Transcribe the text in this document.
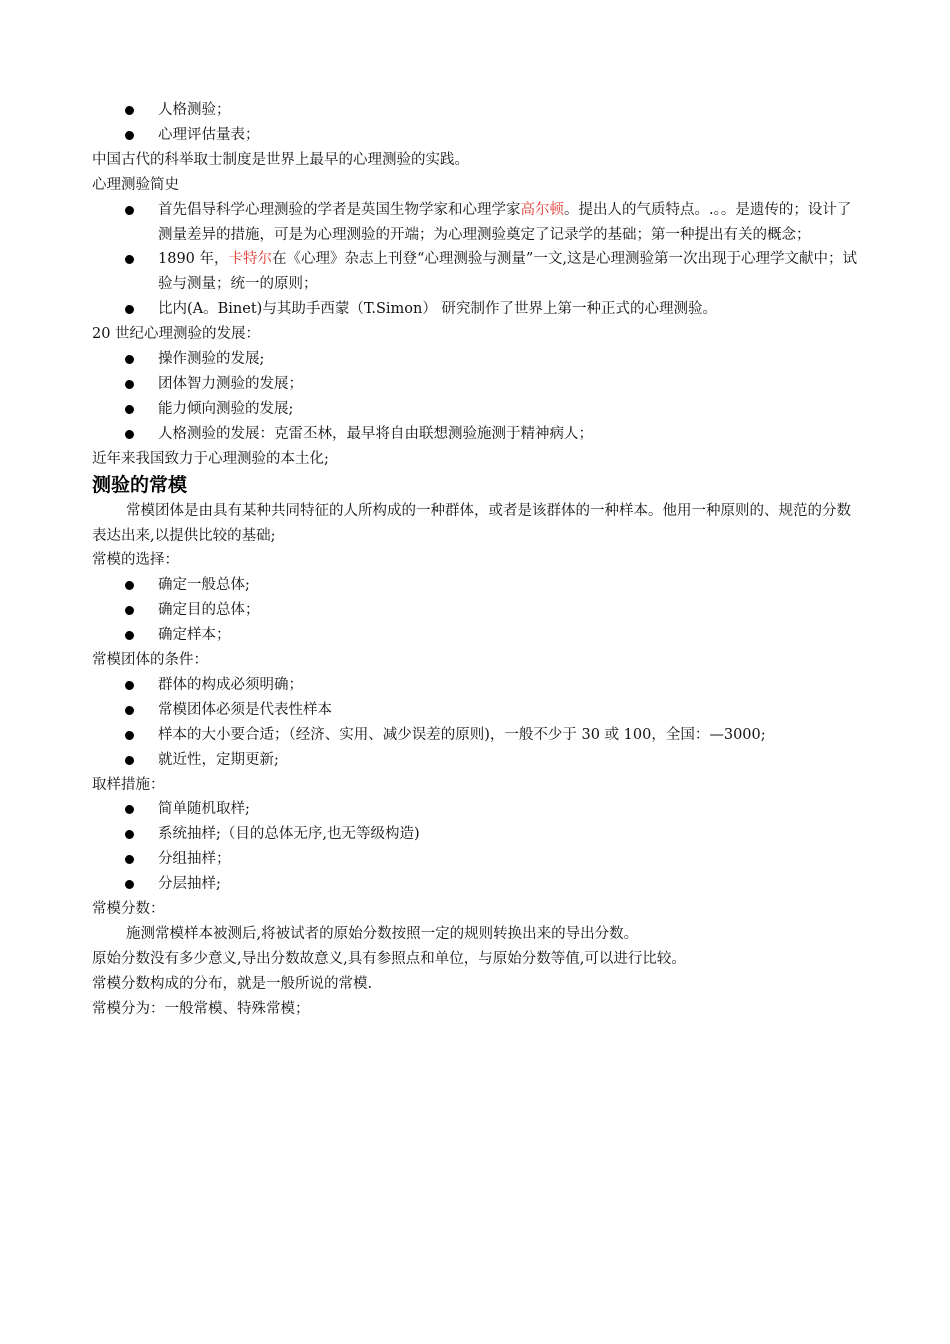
人格测验；
心理评估量表；

中国古代的科举取士制度是世界上最早的心理测验的实践。

心理测验简史

首先倡导科学心理测验的学者是英国生物学家和心理学家高尔顿。提出人的气质特点。.。。是遗传的；设计了测量差异的措施，可是为心理测验的开端；为心理测验奠定了记录学的基础；第一种提出有关的概念；
1890 年，卡特尔在《心理》杂志上刊登“心理测验与测量”一文,这是心理测验第一次出现于心理学文献中；试验与测量；统一的原则；
比内(A。Binet)与其助手西蒙（T.Simon） 研究制作了世界上第一种正式的心理测验。

20 世纪心理测验的发展：

操作测验的发展;
团体智力测验的发展；
能力倾向测验的发展;
人格测验的发展：克雷丕林，最早将自由联想测验施测于精神病人；

近年来我国致力于心理测验的本土化;

测验的常模

常模团体是由具有某种共同特征的人所构成的一种群体，或者是该群体的一种样本。他用一种原则的、规范的分数表达出来,以提供比较的基础;

常模的选择：

确定一般总体;
确定目的总体；
确定样本；

常模团体的条件：

群体的构成必须明确；
常模团体必须是代表性样本
样本的大小要合适；（经济、实用、减少误差的原则)，一般不少于 30 或 100，全国：—3000;
就近性，定期更新;

取样措施：

简单随机取样;
系统抽样;（目的总体无序,也无等级构造)
分组抽样；
分层抽样;

常模分数：

施测常模样本被测后,将被试者的原始分数按照一定的规则转换出来的导出分数。

原始分数没有多少意义,导出分数故意义,具有参照点和单位，与原始分数等值,可以进行比较。

常模分数构成的分布，就是一般所说的常模.

常模分为：一般常模、特殊常模；
